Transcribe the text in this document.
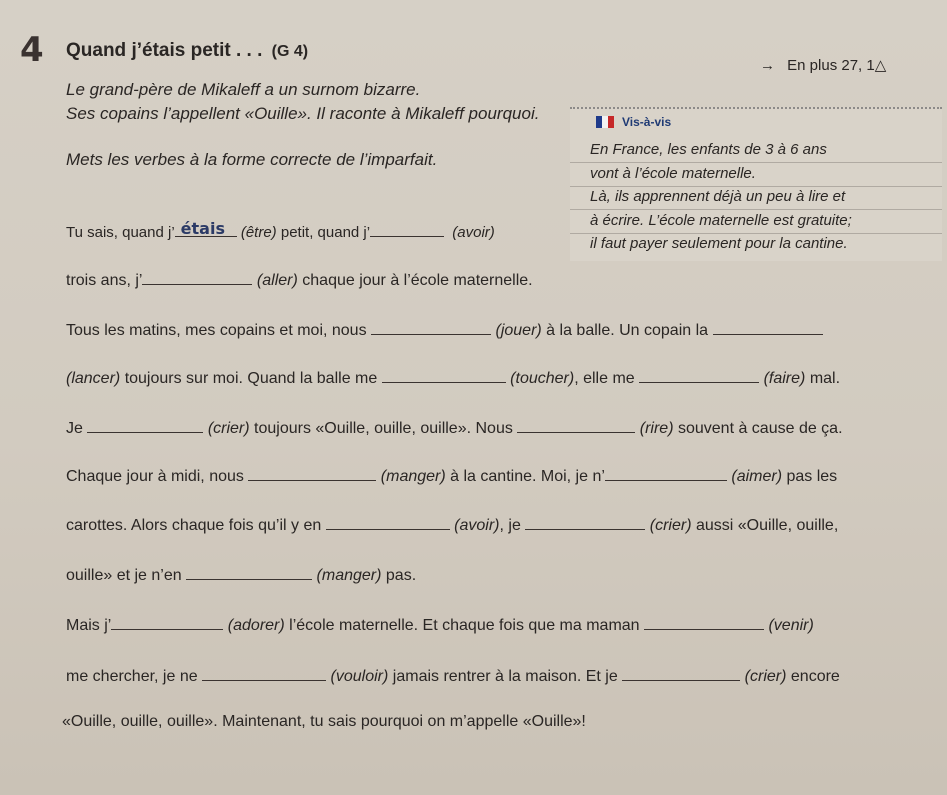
4 Quand j’étais petit . . . (G 4)
→ En plus 27, 1△
Le grand-père de Mikaleff a un surnom bizarre.
Ses copains l’appellent «Ouille». Il raconte à Mikaleff pourquoi.
Mets les verbes à la forme correcte de l’imparfait.
Vis-à-vis
En France, les enfants de 3 à 6 ans
vont à l’école maternelle.
Là, ils apprennent déjà un peu à lire et
à écrire. L’école maternelle est gratuite;
il faut payer seulement pour la cantine.
Tu sais, quand j’ étais (être) petit, quand j’	(avoir)
trois ans, j’	(aller) chaque jour à l’école maternelle.
Tous les matins, mes copains et moi, nous	(jouer) à la balle. Un copain la
(lancer) toujours sur moi. Quand la balle me	(toucher), elle me	(faire) mal.
Je	(crier) toujours «Ouille, ouille, ouille». Nous	(rire) souvent à cause de ça.
Chaque jour à midi, nous	(manger) à la cantine. Moi, je n’	(aimer) pas les
carottes. Alors chaque fois qu’il y en	(avoir), je	(crier) aussi «Ouille, ouille,
ouille» et je n’en	(manger) pas.
Mais j’	(adorer) l’école maternelle. Et chaque fois que ma maman	(venir)
me chercher, je ne	(vouloir) jamais rentrer à la maison. Et je	(crier) encore
«Ouille, ouille, ouille». Maintenant, tu sais pourquoi on m’appelle «Ouille»!
